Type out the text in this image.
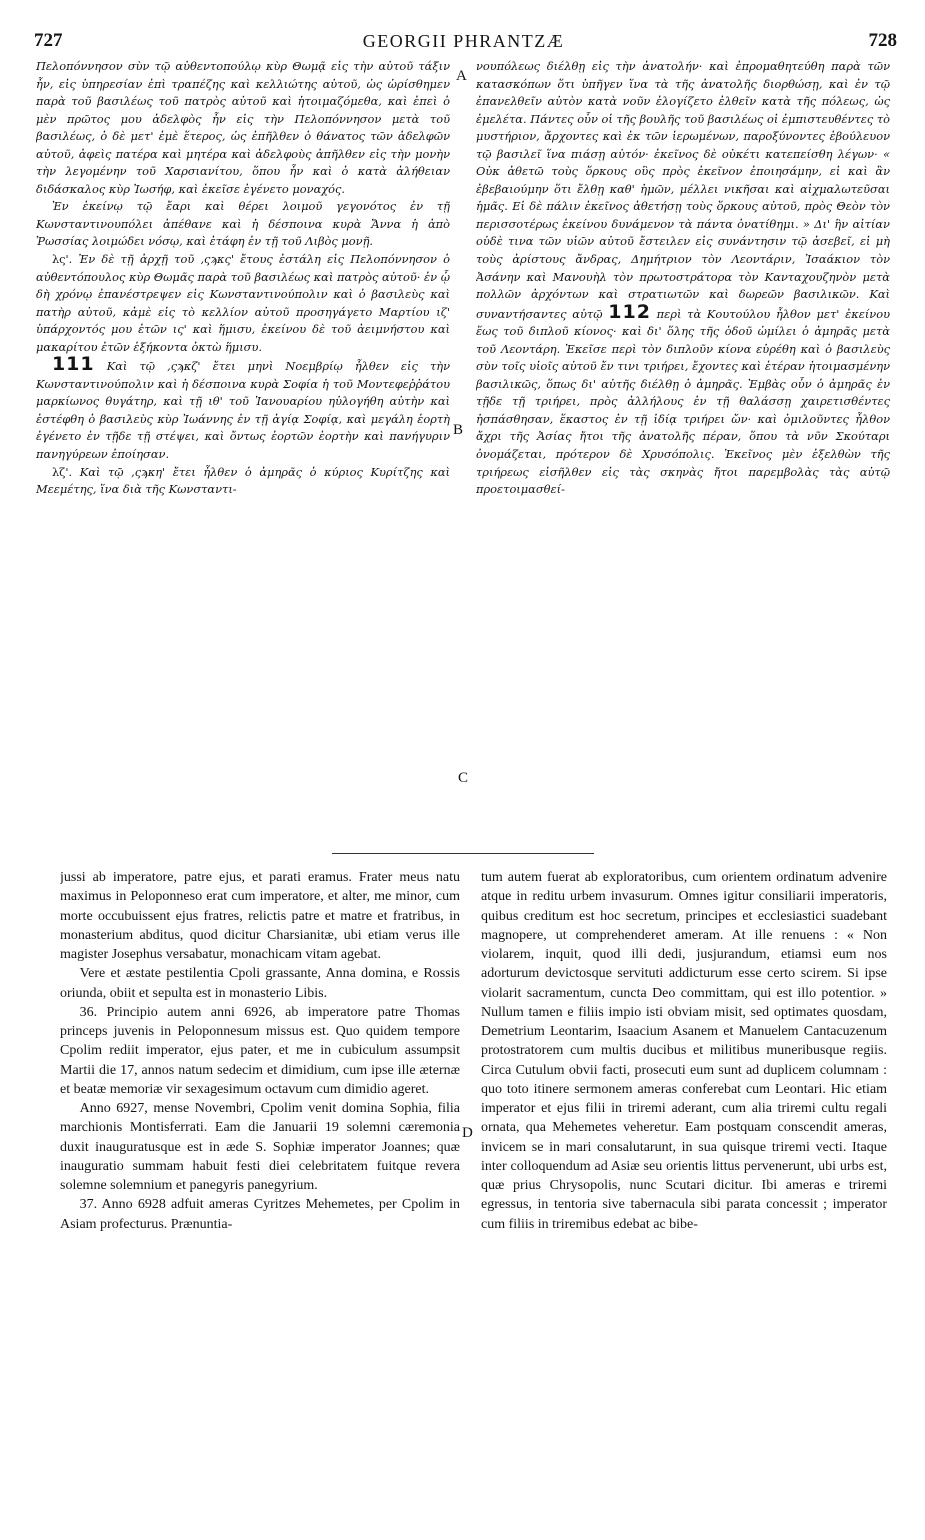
727	GEORGII PHRANTZÆ	728

Πελοπόννησον σὺν τῷ αὐθεντοπούλῳ κὺρ Θωμᾷ εἰς τὴν αὐτοῦ τάξιν ἦν, εἰς ὑπηρεσίαν ἐπὶ τραπέζης καὶ κελλιώτης αὐτοῦ, ὡς ὡρίσθημεν παρὰ τοῦ βασιλέως τοῦ πατρὸς αὐτοῦ καὶ ἡτοιμαζόμεθα, καὶ ἐπεὶ ὁ μὲν πρῶτος μου ἀδελφὸς ἦν εἰς τὴν Πελοπόννησον μετὰ τοῦ βασιλέως, ὁ δὲ μετ' ἐμὲ ἕτερος, ὡς ἐπῆλθεν ὁ θάνατος τῶν ἀδελφῶν αὐτοῦ, ἀφεὶς πατέρα καὶ μητέρα καὶ ἀδελφοὺς ἀπῆλθεν εἰς τὴν μονὴν τὴν λεγομένην τοῦ Χαρσιανίτου, ὅπου ἦν καὶ ὁ κατὰ ἀλήθειαν διδάσκαλος κὺρ Ἰωσήφ, καὶ ἐκεῖσε ἐγένετο μοναχός.

Ἐν ἐκείνῳ τῷ ἔαρι καὶ θέρει λοιμοῦ γεγονότος ἐν τῇ Κωνσταντινουπόλει ἀπέθανε καὶ ἡ δέσποινα κυρὰ Ἄννα ἡ ἀπὸ Ῥωσσίας λοιμώδει νόσῳ, καὶ ἐτάφη ἐν τῇ τοῦ Λιβὸς μονῇ.

λς'. Ἐν δὲ τῇ ἀρχῇ τοῦ ,ςϡκς' ἔτους ἐστάλη εἰς Πελοπόννησον ὁ αὐθεντόπουλος κὺρ Θωμᾶς παρὰ τοῦ βασιλέως καὶ πατρὸς αὐτοῦ· ἐν ᾧ δὴ χρόνῳ ἐπανέστρεψεν εἰς Κωνσταντινούπολιν καὶ ὁ βασιλεὺς καὶ πατὴρ αὐτοῦ, κἀμὲ εἰς τὸ κελλίον αὐτοῦ προσηγάγετο Μαρτίου ιζ' ὑπάρχοντός μου ἐτῶν ις' καὶ ἥμισυ, ἐκείνου δὲ τοῦ ἀειμνήστου καὶ μακαρίτου ἐτῶν ἑξήκοντα ὀκτὼ ἥμισυ.

111 Καὶ τῷ ,ςϡκζ' ἔτει μηνὶ Νοεμβρίῳ ἦλθεν εἰς τὴν Κωνσταντινούπολιν καὶ ἡ δέσποινα κυρὰ Σοφία ἡ τοῦ Μοντεφεῤῥάτου μαρκίωνος θυγάτηρ, καὶ τῇ ιθ' τοῦ Ἰανουαρίου ηὐλογήθη αὐτὴν καὶ ἐστέφθη ὁ βασιλεὺς κὺρ Ἰωάννης ἐν τῇ ἁγίᾳ Σοφίᾳ, καὶ μεγάλη ἑορτὴ ἐγένετο ἐν τῇδε τῇ στέψει, καὶ ὄντως ἑορτῶν ἑορτὴν καὶ πανήγυριν πανηγύρεων ἐποίησαν.

λζ'. Καὶ τῷ ,ςϡκη' ἔτει ἦλθεν ὁ ἀμηρᾶς ὁ κύριος Κυρίτζης καὶ Μεεμέτης, ἵνα διὰ τῆς Κωνσταντι-

A
B
C
D

νουπόλεως διέλθῃ εἰς τὴν ἀνατολήν· καὶ ἐπρομαθητεύθη παρὰ τῶν κατασκόπων ὅτι ὑπῆγεν ἵνα τὰ τῆς ἀνατολῆς διορθώσῃ, καὶ ἐν τῷ ἐπανελθεῖν αὐτὸν κατὰ νοῦν ἐλογίζετο ἐλθεῖν κατὰ τῆς πόλεως, ὡς ἐμελέτα. Πάντες οὖν οἱ τῆς βουλῆς τοῦ βασιλέως οἱ ἐμπιστευθέντες τὸ μυστήριον, ἄρχοντες καὶ ἐκ τῶν ἱερωμένων, παροξύνοντες ἐβούλευον τῷ βασιλεῖ ἵνα πιάσῃ αὐτόν· ἐκεῖνος δὲ οὐκέτι κατεπείσθη λέγων· « Οὐκ ἀθετῶ τοὺς ὅρκους οὓς πρὸς ἐκεῖνον ἐποιησάμην, εἰ καὶ ἂν ἐβεβαιούμην ὅτι ἔλθῃ καθ' ἡμῶν, μέλλει νικῆσαι καὶ αἰχμαλωτεῦσαι ἡμᾶς. Εἰ δὲ πάλιν ἐκεῖνος ἀθετήσῃ τοὺς ὅρκους αὐτοῦ, πρὸς Θεὸν τὸν περισσοτέρως ἐκείνου δυνάμενον τὰ πάντα ὀνατίθημι. » Δι' ἣν αἰτίαν οὐδὲ τινα τῶν υἱῶν αὐτοῦ ἔστειλεν εἰς συνάντησιν τῷ ἀσεβεῖ, εἰ μὴ τοὺς ἀρίστους ἄνδρας, Δημήτριον τὸν Λεοντάριν, Ἰσαάκιον τὸν Ἀσάνην καὶ Μανουὴλ τὸν πρωτοστράτορα τὸν Κανταχουζηνὸν μετὰ πολλῶν ἀρχόντων καὶ στρατιωτῶν καὶ δωρεῶν βασιλικῶν. Καὶ συναντήσαντες αὐτῷ 112 περὶ τὰ Κουτούλου ἦλθον μετ' ἐκείνου ἕως τοῦ διπλοῦ κίονος· καὶ δι' ὅλης τῆς ὁδοῦ ὡμίλει ὁ ἀμηρᾶς μετὰ τοῦ Λεοντάρη. Ἐκεῖσε περὶ τὸν διπλοῦν κίονα εὑρέθη καὶ ὁ βασιλεὺς σὺν τοῖς υἱοῖς αὐτοῦ ἔν τινι τριήρει, ἔχοντες καὶ ἑτέραν ἡτοιμασμένην βασιλικῶς, ὅπως δι' αὐτῆς διέλθῃ ὁ ἀμηρᾶς. Ἐμβὰς οὖν ὁ ἀμηρᾶς ἐν τῇδε τῇ τριήρει, πρὸς ἀλλήλους ἐν τῇ θαλάσσῃ χαιρετισθέντες ἠσπάσθησαν, ἕκαστος ἐν τῇ ἰδίᾳ τριήρει ὤν· καὶ ὁμιλοῦντες ἦλθον ἄχρι τῆς Ἀσίας ἤτοι τῆς ἀνατολῆς πέραν, ὅπου τὰ νῦν Σκούταρι ὀνομάζεται, πρότερον δὲ Χρυσόπολις. Ἐκεῖνος μὲν ἐξελθὼν τῆς τριήρεως εἰσῆλθεν εἰς τὰς σκηνὰς ἤτοι παρεμβολὰς τὰς αὐτῷ προετοιμασθεί-

jussi ab imperatore, patre ejus, et parati eramus. Frater meus natu maximus in Peloponneso erat cum imperatore, et alter, me minor, cum morte occubuissent ejus fratres, relictis patre et matre et fratribus, in monasterium abditus, quod dicitur Charsianitæ, ubi etiam verus ille magister Josephus versabatur, monachicam vitam agebat.

Vere et æstate pestilentia Cpoli grassante, Anna domina, e Rossis oriunda, obiit et sepulta est in monasterio Libis.

36. Principio autem anni 6926, ab imperatore patre Thomas princeps juvenis in Peloponnesum missus est. Quo quidem tempore Cpolim rediit imperator, ejus pater, et me in cubiculum assumpsit Martii die 17, annos natum sedecim et dimidium, cum ipse ille æternæ et beatæ memoriæ vir sexagesimum octavum cum dimidio ageret.

Anno 6927, mense Novembri, Cpolim venit domina Sophia, filia marchionis Montisferrati. Eam die Januarii 19 solemni cæremonia duxit inauguratusque est in æde S. Sophiæ imperator Joannes; quæ inauguratio summam habuit festi diei celebritatem fuitque revera solemne solemnium et panegyris panegyrium.

37. Anno 6928 adfuit ameras Cyritzes Mehemetes, per Cpolim in Asiam profecturus. Prænuntia-

tum autem fuerat ab exploratoribus, cum orientem ordinatum advenire atque in reditu urbem invasurum. Omnes igitur consiliarii imperatoris, quibus creditum est hoc secretum, principes et ecclesiastici suadebant magnopere, ut comprehenderet ameram. At ille renuens : « Non violarem, inquit, quod illi dedi, jusjurandum, etiamsi eum nos adorturum devictosque servituti addicturum esse certo scirem. Si ipse violarit sacramentum, cuncta Deo committam, qui est illo potentior. » Nullum tamen e filiis impio isti obviam misit, sed optimates quosdam, Demetrium Leontarim, Isaacium Asanem et Manuelem Cantacuzenum protostratorem cum multis ducibus et militibus muneribusque regiis. Circa Cutulum obvii facti, prosecuti eum sunt ad duplicem columnam : quo toto itinere sermonem ameras conferebat cum Leontari. Hic etiam imperator et ejus filii in triremi aderant, cum alia triremi cultu regali ornata, qua Mehemetes veheretur. Eam postquam conscendit ameras, invicem se in mari consalutarunt, in sua quisque triremi vecti. Itaque inter colloquendum ad Asiæ seu orientis littus pervenerunt, ubi urbs est, quæ prius Chrysopolis, nunc Scutari dicitur. Ibi ameras e triremi egressus, in tentoria sive tabernacula sibi parata concessit ; imperator cum filiis in triremibus edebat ac bibe-
